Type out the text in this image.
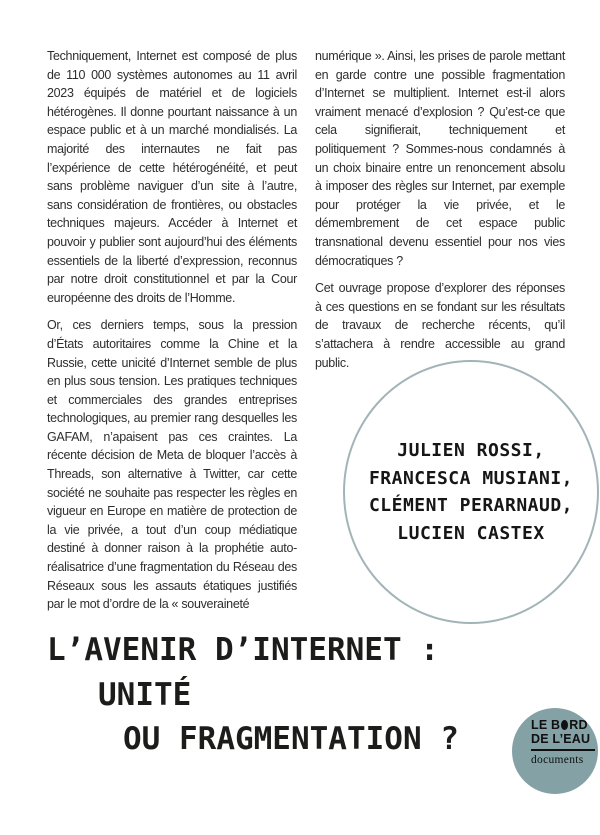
Techniquement, Internet est composé de plus de 110 000 systèmes autonomes au 11 avril 2023 équipés de matériel et de logiciels hétérogènes. Il donne pourtant naissance à un espace public et à un marché mondialisés. La majorité des internautes ne fait pas l’expérience de cette hétérogénéité, et peut sans problème naviguer d’un site à l’autre, sans considération de frontières, ou obstacles techniques majeurs. Accéder à Internet et pouvoir y publier sont aujourd’hui des éléments essentiels de la liberté d’expression, reconnus par notre droit constitutionnel et par la Cour européenne des droits de l’Homme.

Or, ces derniers temps, sous la pression d’États autoritaires comme la Chine et la Russie, cette unicité d’Internet semble de plus en plus sous tension. Les pratiques techniques et commerciales des grandes entreprises technologiques, au premier rang desquelles les GAFAM, n’apaisent pas ces craintes. La récente décision de Meta de bloquer l’accès à Threads, son alternative à Twitter, car cette société ne souhaite pas respecter les règles en vigueur en Europe en matière de protection de la vie privée, a tout d’un coup médiatique destiné à donner raison à la prophétie auto-réalisatrice d’une fragmentation du Réseau des Réseaux sous les assauts étatiques justifiés par le mot d’ordre de la « souveraineté

numérique ». Ainsi, les prises de parole mettant en garde contre une possible fragmentation d’Internet se multiplient. Internet est-il alors vraiment menacé d’explosion ? Qu’est-ce que cela signifierait, techniquement et politiquement ? Sommes-nous condamnés à un choix binaire entre un renoncement absolu à imposer des règles sur Internet, par exemple pour protéger la vie privée, et le démembrement de cet espace public transnational devenu essentiel pour nos vies démocratiques ?

Cet ouvrage propose d’explorer des réponses à ces questions en se fondant sur les résultats de travaux de recherche récents, qu’il s’attachera à rendre accessible au grand public.

JULIEN ROSSI,
FRANCESCA MUSIANI,
CLÉMENT PERARNAUD,
LUCIEN CASTEX
L’AVENIR D’INTERNET :
UNITÉ
OU FRAGMENTATION ?	LE B RD
DE L’EAU
documents
